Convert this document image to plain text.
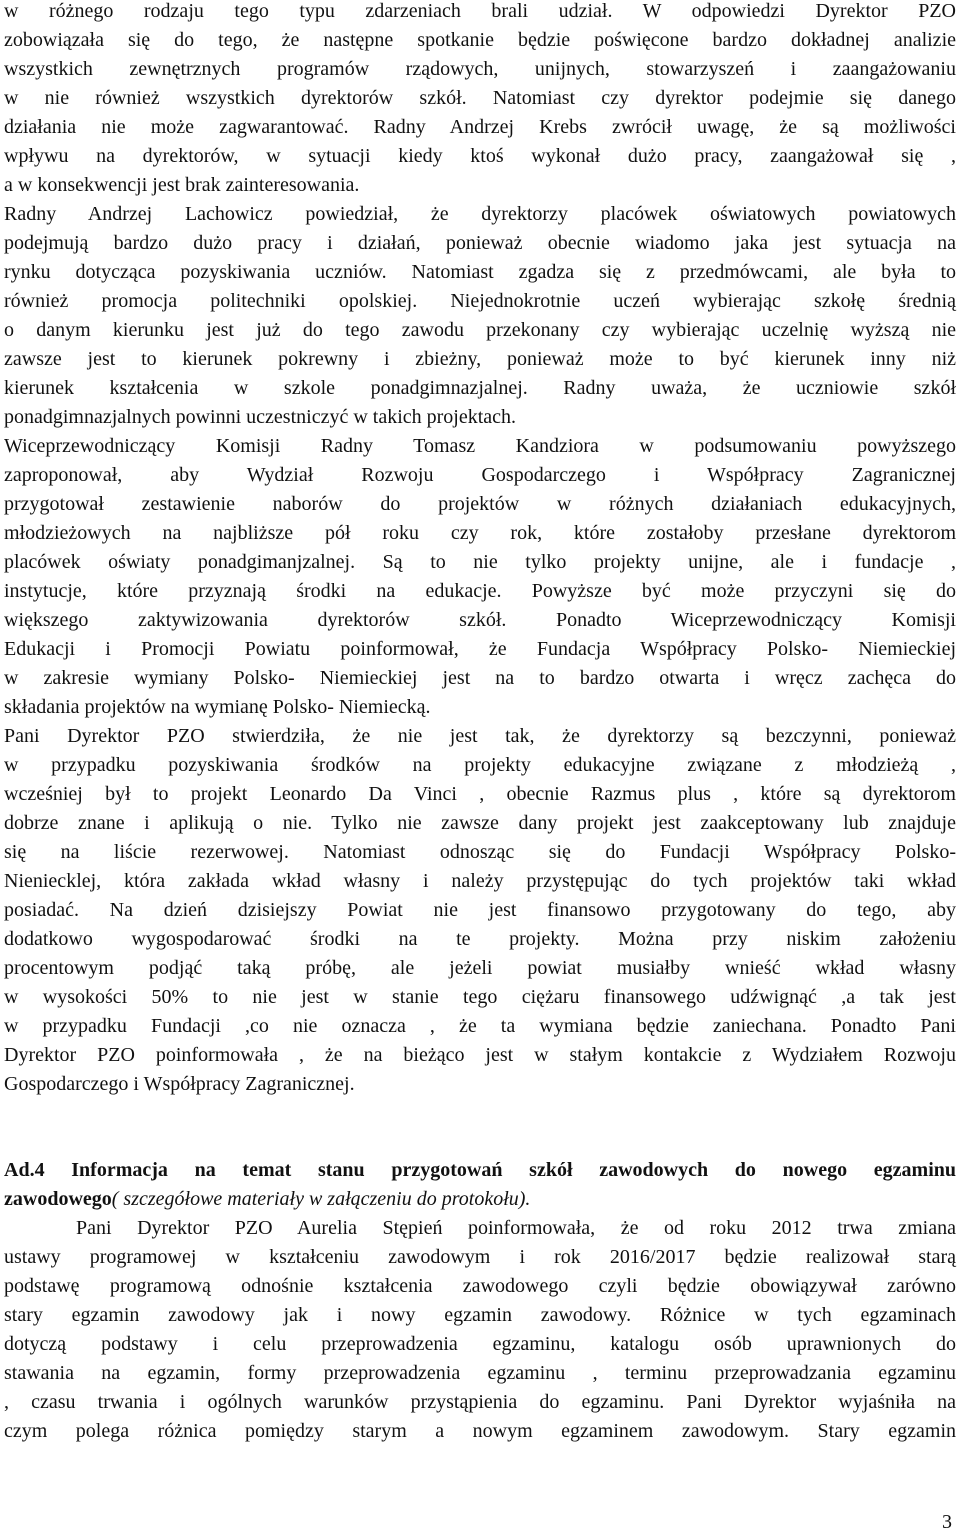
w różnego rodzaju tego typu zdarzeniach brali udział. W odpowiedzi Dyrektor PZO
zobowiązała się do tego, że następne spotkanie będzie poświęcone bardzo dokładnej analizie
wszystkich zewnętrznych programów rządowych, unijnych, stowarzyszeń i zaangażowaniu
w nie również wszystkich dyrektorów szkół. Natomiast czy dyrektor podejmie się danego
działania nie może zagwarantować. Radny Andrzej Krebs zwrócił uwagę, że są możliwości
wpływu na dyrektorów, w sytuacji kiedy ktoś wykonał dużo pracy, zaangażował się ,
a w konsekwencji jest brak zainteresowania.
Radny Andrzej Lachowicz powiedział, że dyrektorzy placówek oświatowych powiatowych
podejmują bardzo dużo pracy i działań, ponieważ obecnie wiadomo jaka jest sytuacja na
rynku dotycząca pozyskiwania uczniów. Natomiast zgadza się z przedmówcami, ale była to
również promocja politechniki opolskiej. Niejednokrotnie uczeń wybierając szkołę średnią
o danym kierunku jest już do tego zawodu przekonany czy wybierając uczelnię wyższą nie
zawsze jest to kierunek pokrewny i zbieżny, ponieważ może to być kierunek inny niż
kierunek kształcenia w szkole ponadgimnazjalnej. Radny uważa, że uczniowie szkół
ponadgimnazjalnych powinni uczestniczyć w takich projektach.
Wiceprzewodniczący Komisji Radny Tomasz Kandziora w podsumowaniu powyższego
zaproponował, aby Wydział Rozwoju Gospodarczego i Współpracy Zagranicznej
przygotował zestawienie naborów do projektów w różnych działaniach edukacyjnych,
młodzieżowych na najbliższe pół roku czy rok, które zostałoby przesłane dyrektorom
placówek oświaty ponadgimanjzalnej. Są to nie tylko projekty unijne, ale i fundacje ,
instytucje, które przyznają środki na edukacje. Powyższe być może przyczyni się do
większego zaktywizowania dyrektorów szkół. Ponadto Wiceprzewodniczący Komisji
Edukacji i Promocji Powiatu poinformował, że Fundacja Współpracy Polsko- Niemieckiej
w zakresie wymiany Polsko- Niemieckiej jest na to bardzo otwarta i wręcz zachęca do
składania projektów na wymianę Polsko- Niemiecką.
Pani Dyrektor PZO stwierdziła, że nie jest tak, że dyrektorzy są bezczynni, ponieważ
w przypadku pozyskiwania środków na projekty edukacyjne związane z młodzieżą ,
wcześniej był to projekt Leonardo Da Vinci , obecnie Razmus plus , które są dyrektorom
dobrze znane i aplikują o nie. Tylko nie zawsze dany projekt jest zaakceptowany lub znajduje
się na liście rezerwowej. Natomiast odnosząc się do Fundacji Współpracy Polsko-
Nieniecklej, która zakłada wkład własny i należy przystępując do tych projektów taki wkład
posiadać. Na dzień dzisiejszy Powiat nie jest finansowo przygotowany do tego, aby
dodatkowo wygospodarować środki na te projekty. Można przy niskim założeniu
procentowym podjąć taką próbę, ale jeżeli powiat musiałby wnieść wkład własny
w wysokości 50% to nie jest w stanie tego ciężaru finansowego udźwignąć ,a tak jest
w przypadku Fundacji ,co nie oznacza , że ta wymiana będzie zaniechana. Ponadto Pani
Dyrektor PZO poinformowała , że na bieżąco jest w stałym kontakcie z Wydziałem Rozwoju
Gospodarczego i Współpracy Zagranicznej.
Ad.4 Informacja na temat stanu przygotowań szkół zawodowych do nowego egzaminu
zawodowego( szczegółowe materiały w załączeniu do protokołu).
Pani Dyrektor PZO Aurelia Stępień poinformowała, że od roku 2012 trwa zmiana
ustawy programowej w kształceniu zawodowym i rok 2016/2017 będzie realizował starą
podstawę programową odnośnie kształcenia zawodowego czyli będzie obowiązywał zarówno
stary egzamin zawodowy jak i nowy egzamin zawodowy. Różnice w tych egzaminach
dotyczą podstawy i celu przeprowadzenia egzaminu, katalogu osób uprawnionych do
stawania na egzamin, formy przeprowadzenia egzaminu , terminu przeprowadzania egzaminu
, czasu trwania i ogólnych warunków przystąpienia do egzaminu. Pani Dyrektor wyjaśniła na
czym polega różnica pomiędzy starym a nowym egzaminem zawodowym. Stary egzamin
3
